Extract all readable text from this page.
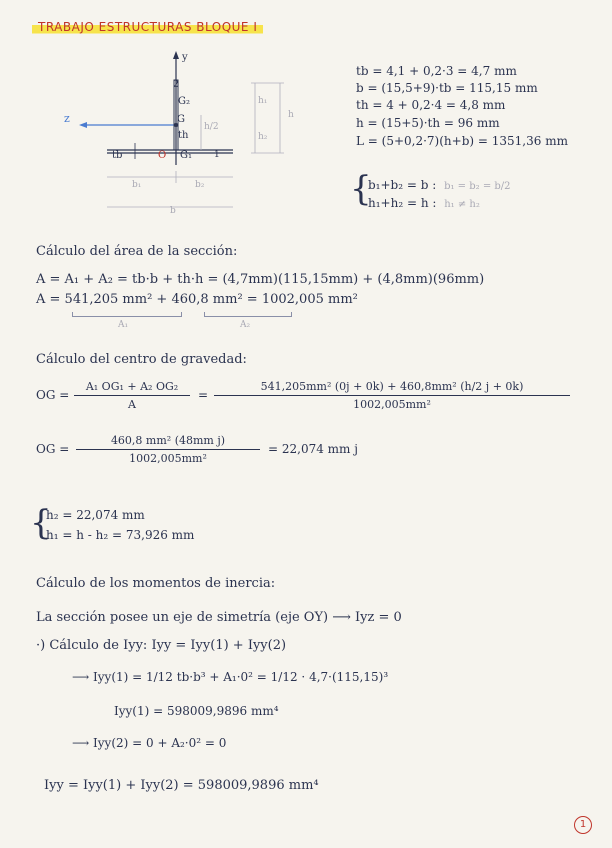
TRABAJO ESTRUCTURAS BLOQUE I
y
z
2
G₂
G
th
G₁
O	1
tb
h/2
h₁
h₂
h
b₁	b₂
b
tb = 4,1 + 0,2·3 = 4,7 mm
b = (15,5+9)·tb = 115,15 mm
th = 4 + 0,2·4 = 4,8 mm
h = (15+5)·th = 96 mm
L = (5+0,2·7)(h+b) = 1351,36 mm
{
b₁+b₂ = b : b₁ = b₂ = b/2
h₁+h₂ = h : h₁ ≠ h₂
Cálculo del área de la sección:
A = A₁ + A₂ = tb·b + th·h = (4,7mm)(115,15mm) + (4,8mm)(96mm)
A = 541,205 mm² + 460,8 mm² = 1002,005 mm²
A₁	A₂
Cálculo del centro de gravedad:
OG =
A₁ OG₁ + A₂ OG₂
A
=
541,205mm² (0j + 0k) + 460,8mm² (h/2 j + 0k)
1002,005mm²
OG =
460,8 mm² (48mm j)
1002,005mm²
= 22,074 mm j
{
h₂ = 22,074 mm
h₁ = h - h₂ = 73,926 mm
Cálculo de los momentos de inercia:
La sección posee un eje de simetría (eje OY) ⟶ Iyz = 0
·) Cálculo de Iyy: Iyy = Iyy(1) + Iyy(2)
⟶ Iyy(1) = 1/12 tb·b³ + A₁·0² = 1/12 · 4,7·(115,15)³
Iyy(1) = 598009,9896 mm⁴
⟶ Iyy(2) = 0 + A₂·0² = 0
Iyy = Iyy(1) + Iyy(2) = 598009,9896 mm⁴
1
